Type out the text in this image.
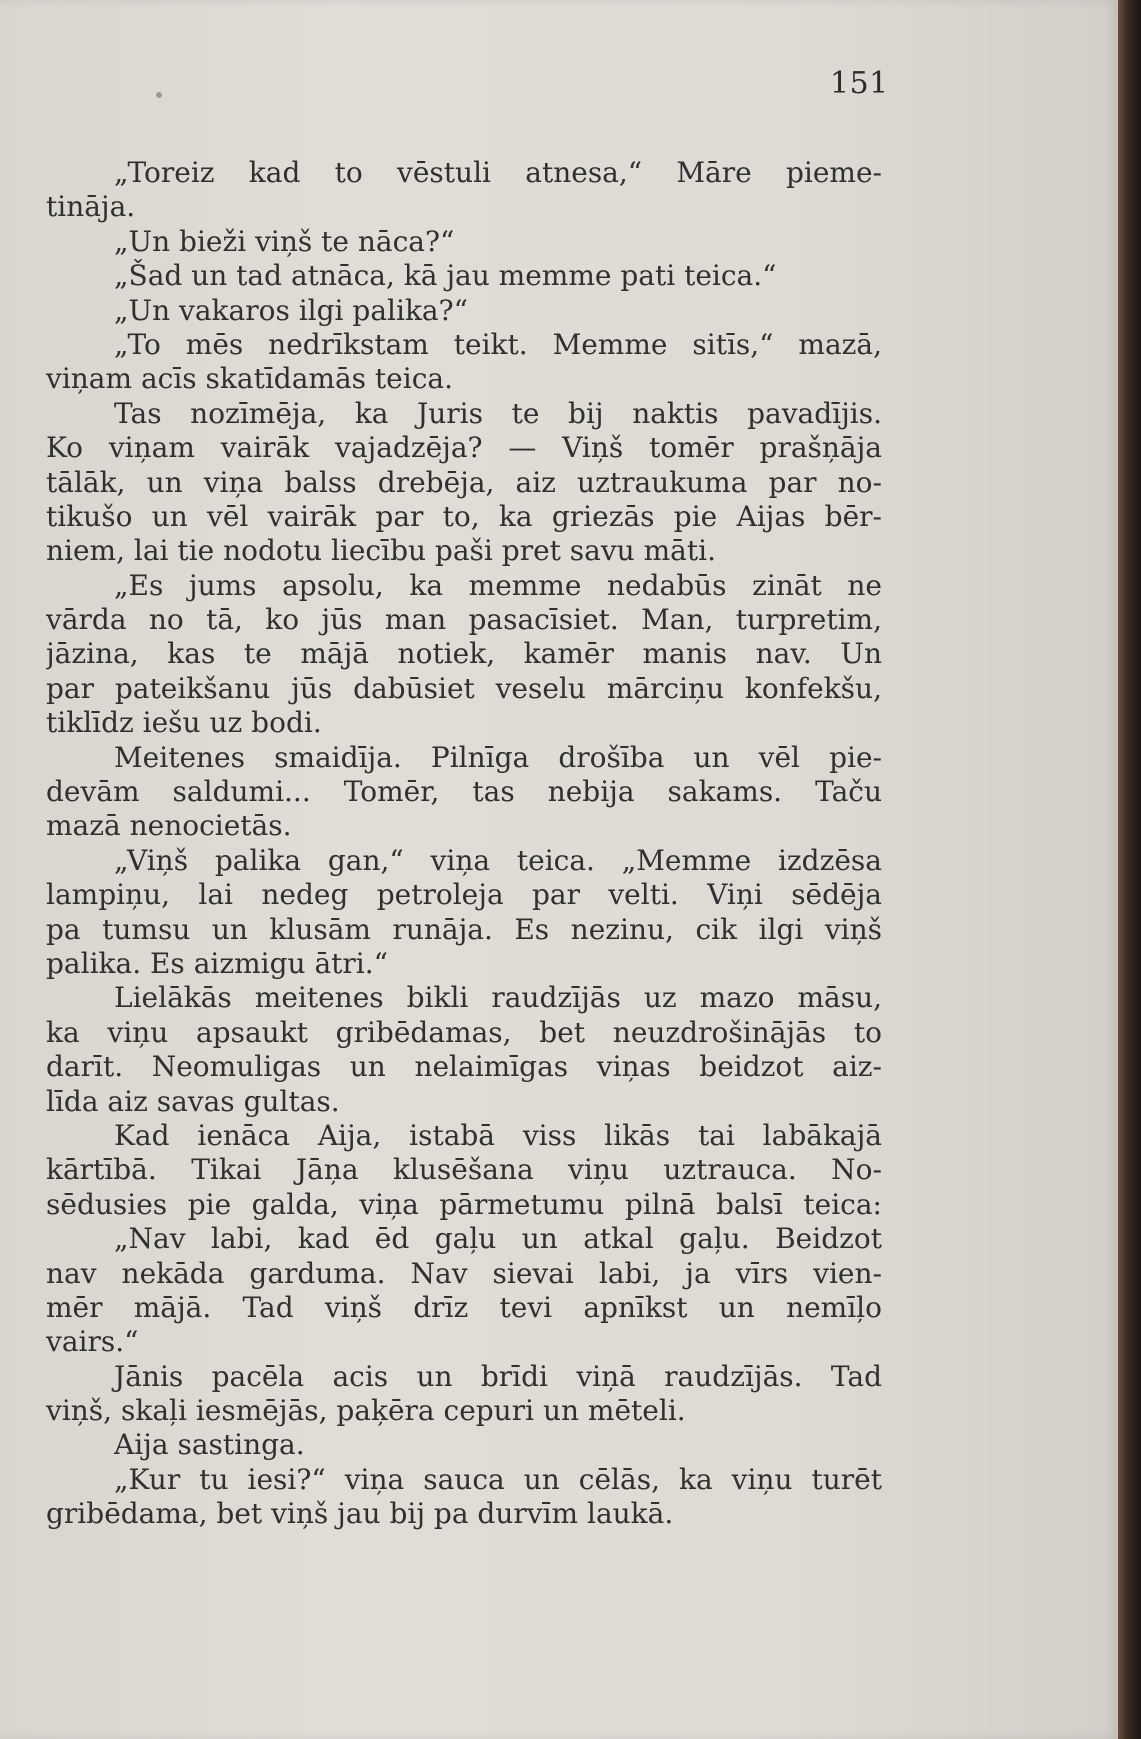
151
„Toreiz kad to vēstuli atnesa,“ Māre pieme-
tināja.
„Un bieži viņš te nāca?“
„Šad un tad atnāca, kā jau memme pati teica.“
„Un vakaros ilgi palika?“
„To mēs nedrīkstam teikt. Memme sitīs,“ mazā,
viņam acīs skatīdamās teica.
Tas nozīmēja, ka Juris te bij naktis pavadījis.
Ko viņam vairāk vajadzēja? — Viņš tomēr prašņāja
tālāk, un viņa balss drebēja, aiz uztraukuma par no-
tikušo un vēl vairāk par to, ka griezās pie Aijas bēr-
niem, lai tie nodotu liecību paši pret savu māti.
„Es jums apsolu, ka memme nedabūs zināt ne
vārda no tā, ko jūs man pasacīsiet. Man, turpretim,
jāzina, kas te mājā notiek, kamēr manis nav. Un
par pateikšanu jūs dabūsiet veselu mārciņu konfekšu,
tiklīdz iešu uz bodi.
Meitenes smaidīja. Pilnīga drošība un vēl pie-
devām saldumi... Tomēr, tas nebija sakams. Taču
mazā nenocietās.
„Viņš palika gan,“ viņa teica. „Memme izdzēsa
lampiņu, lai nedeg petroleja par velti. Viņi sēdēja
pa tumsu un klusām runāja. Es nezinu, cik ilgi viņš
palika. Es aizmigu ātri.“
Lielākās meitenes bikli raudzījās uz mazo māsu,
ka viņu apsaukt gribēdamas, bet neuzdrošinājās to
darīt. Neomuligas un nelaimīgas viņas beidzot aiz-
līda aiz savas gultas.
Kad ienāca Aija, istabā viss likās tai labākajā
kārtībā. Tikai Jāņa klusēšana viņu uztrauca. No-
sēdusies pie galda, viņa pārmetumu pilnā balsī teica:
„Nav labi, kad ēd gaļu un atkal gaļu. Beidzot
nav nekāda garduma. Nav sievai labi, ja vīrs vien-
mēr mājā. Tad viņš drīz tevi apnīkst un nemīļo
vairs.“
Jānis pacēla acis un brīdi viņā raudzījās. Tad
viņš, skaļi iesmējās, paķēra cepuri un mēteli.
Aija sastinga.
„Kur tu iesi?“ viņa sauca un cēlās, ka viņu turēt
gribēdama, bet viņš jau bij pa durvīm laukā.
